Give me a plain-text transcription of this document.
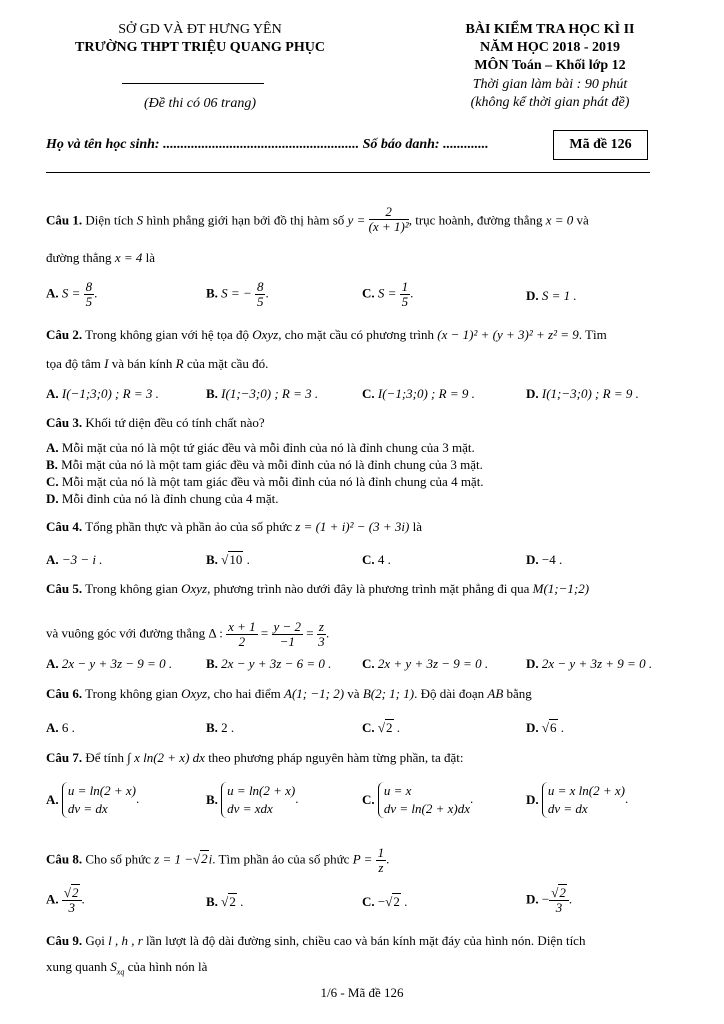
SỞ GD VÀ ĐT HƯNG YÊN
TRƯỜNG THPT TRIỆU QUANG PHỤC
(Đề thi có 06 trang)
BÀI KIỂM TRA HỌC KÌ II
NĂM HỌC 2018 - 2019
MÔN Toán – Khối lớp 12
Thời gian làm bài : 90 phút
(không kể thời gian phát đề)
Họ và tên học sinh: ........................................................ Số báo danh: .............	Mã đề 126
Câu 1. Diện tích S hình phẳng giới hạn bởi đồ thị hàm số $y = \frac{2}{\text{(x + 1)²}}$ , trục hoành, đường thẳng x = 0 và
đường thẳng x = 4 là
A. $S = \frac{8}{5}$ .	B. S = − $\frac{8}{5}$ .	C. $S = \frac{1}{5}$ .	D. S = 1 .
Câu 2. Trong không gian với hệ tọa độ Oxyz, cho mặt cầu có phương trình (x − 1)² + (y + 3)² + z² = 9. Tìm
tọa độ tâm I và bán kính R của mặt cầu đó.
A. I(−1;3;0) ; R = 3 .	B. I(1;−3;0) ; R = 3 .	C. I(−1;3;0) ; R = 9 .	D. I(1;−3;0) ; R = 9 .
Câu 3. Khối tứ diện đều có tính chất nào?
A. Mỗi mặt của nó là một tứ giác đều và mỗi đỉnh của nó là đỉnh chung của 3 mặt.
B. Mỗi mặt của nó là một tam giác đều và mỗi đỉnh của nó là đỉnh chung của 3 mặt.
C. Mỗi mặt của nó là một tam giác đều và mỗi đỉnh của nó là đỉnh chung của 4 mặt.
D. Mỗi đỉnh của nó là đỉnh chung của 4 mặt.
Câu 4. Tổng phần thực và phần ảo của số phức z = (1 + i)² − (3 + 3i) là
A. −3 − i .	B. √10 .	C. 4 .	D. −4 .
Câu 5. Trong không gian Oxyz, phương trình nào dưới đây là phương trình mặt phẳng đi qua M(1;−1;2)
và vuông góc với đường thẳng Δ : $\frac{x + 1}{2} = \frac{y - 2}{-1} = \frac{z}{3}$ .
A. 2x − y + 3z − 9 = 0 .	B. 2x − y + 3z − 6 = 0 . C. 2x + y + 3z − 9 = 0 .	D. 2x − y + 3z + 9 = 0 .
Câu 6. Trong không gian Oxyz, cho hai điểm A(1; −1; 2) và B(2; 1; 1). Độ dài đoạn AB bằng
A. 6 .	B. 2 .	C. √2 .	D. √6 .
Câu 7. Để tính ∫ x ln(2 + x) dx theo phương pháp nguyên hàm từng phần, ta đặt:
A.
u = ln(2 + x)
dv = dx
.	B.
u = ln(2 + x)
dv = xdx
.	C.
u = x
dv = ln(2 + x)dx
.	D.
u = x ln(2 + x)
dv = dx
.
Câu 8. Cho số phức z = 1 −√2i. Tìm phần ảo của số phức $P = \frac{1}{z}$ .
A. $\frac{√2}{3}$ .	B. √2 .	C. −√2 .	D. − $\frac{√2}{3}$ .
Câu 9. Gọi l , h , r lần lượt là độ dài đường sinh, chiều cao và bán kính mặt đáy của hình nón. Diện tích
xung quanh $S_{xq}$ của hình nón là
1/6 - Mã đề 126
